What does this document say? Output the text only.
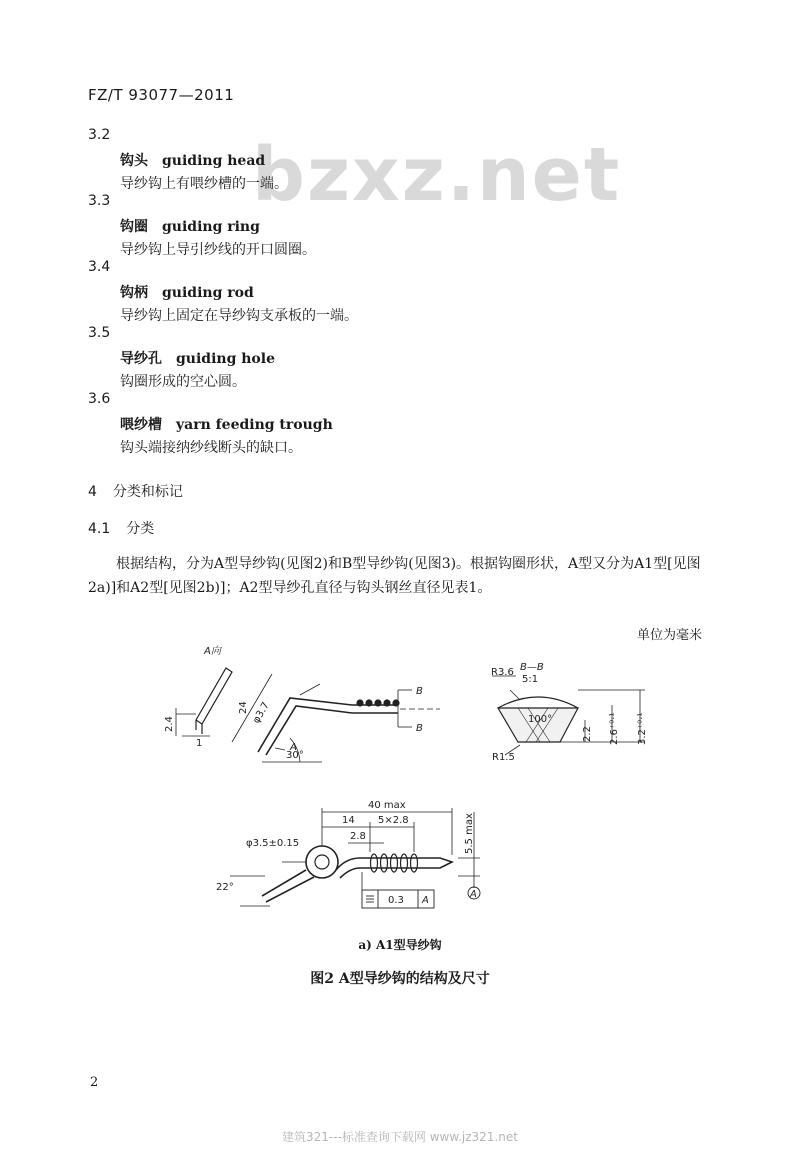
FZ/T 93077—2011
bzxz.net
3.2
钩头 guiding head
导纱钩上有喂纱槽的一端。
3.3
钩圈 guiding ring
导纱钩上导引纱线的开口圆圈。
3.4
钩柄 guiding rod
导纱钩上固定在导纱钩支承板的一端。
3.5
导纱孔 guiding hole
钩圈形成的空心圆。
3.6
喂纱槽 yarn feeding trough
钩头端接纳纱线断头的缺口。
4 分类和标记
4.1 分类
根据结构，分为A型导纱钩(见图2)和B型导纱钩(见图3)。根据钩圈形状，A型又分为A1型[见图2a)]和A2型[见图2b)]；A2型导纱孔直径与钩头钢丝直径见表1。
单位为毫米
A向
2.4
1
24 φ3.7
30°
A
B
B
B—B
5:1
R3.6
R1.5
100°
2.2 2.6⁺⁰·¹ 3.2⁺⁰·¹
40 max
14 5×2.8
2.8	5.5 max
φ3.5±0.15
22°
A
0.3 A
a) A1型导纱钩
图2 A型导纱钩的结构及尺寸
2
建筑321---标准查询下载网 www.jz321.net
